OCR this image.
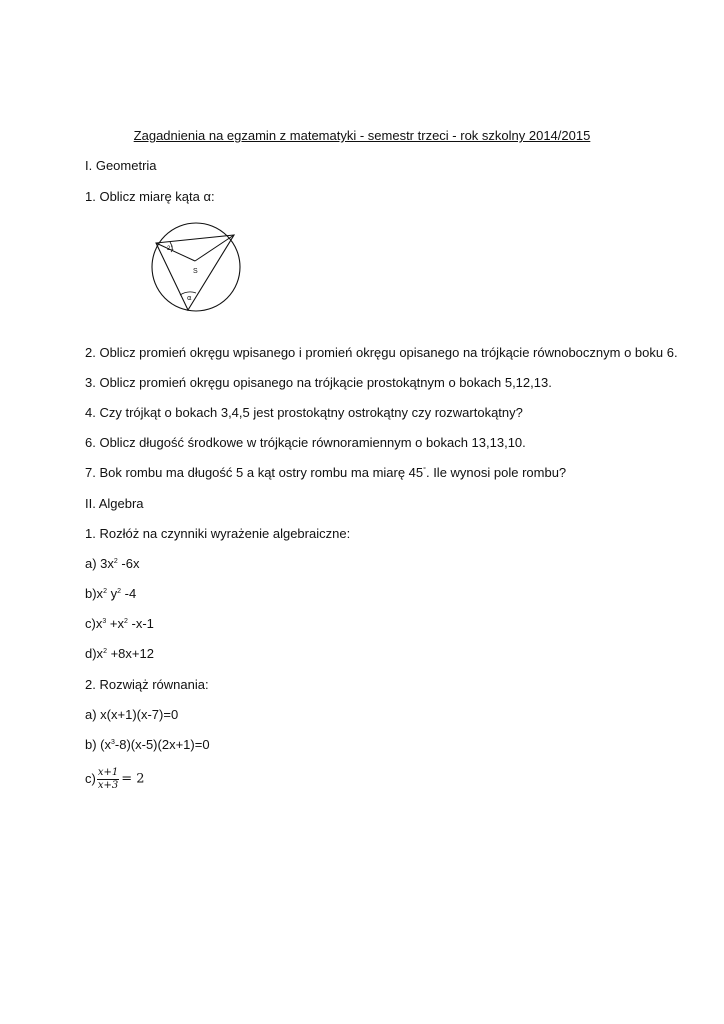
Zagadnienia na egzamin z matematyki - semestr trzeci - rok szkolny 2014/2015
I. Geometria
1. Oblicz miarę kąta α:
21
S
α
2. Oblicz promień okręgu wpisanego i promień okręgu opisanego na trójkącie równobocznym o boku 6.
3. Oblicz promień okręgu opisanego na trójkącie prostokątnym o bokach 5,12,13.
4. Czy trójkąt o bokach 3,4,5 jest prostokątny ostrokątny czy rozwartokątny?
6. Oblicz długość środkowe w trójkącie równoramiennym o bokach 13,13,10.
7. Bok rombu ma długość 5 a kąt ostry rombu ma miarę 45°. Ile wynosi pole rombu?
II. Algebra
1. Rozłóż na czynniki wyrażenie algebraiczne:
a) $3x^2$ -6x
$b)x^2$ $y^2$ -4
$c)x^3 +x^2$ -x-1
$d)x^2 +8x+12$
2. Rozwiąż równania:
a) x(x+1)(x-7)=0
b) $(x^3-8)(x-5)(2x+1)=0$
$c) \frac{x+1}{x+3} = 2$
